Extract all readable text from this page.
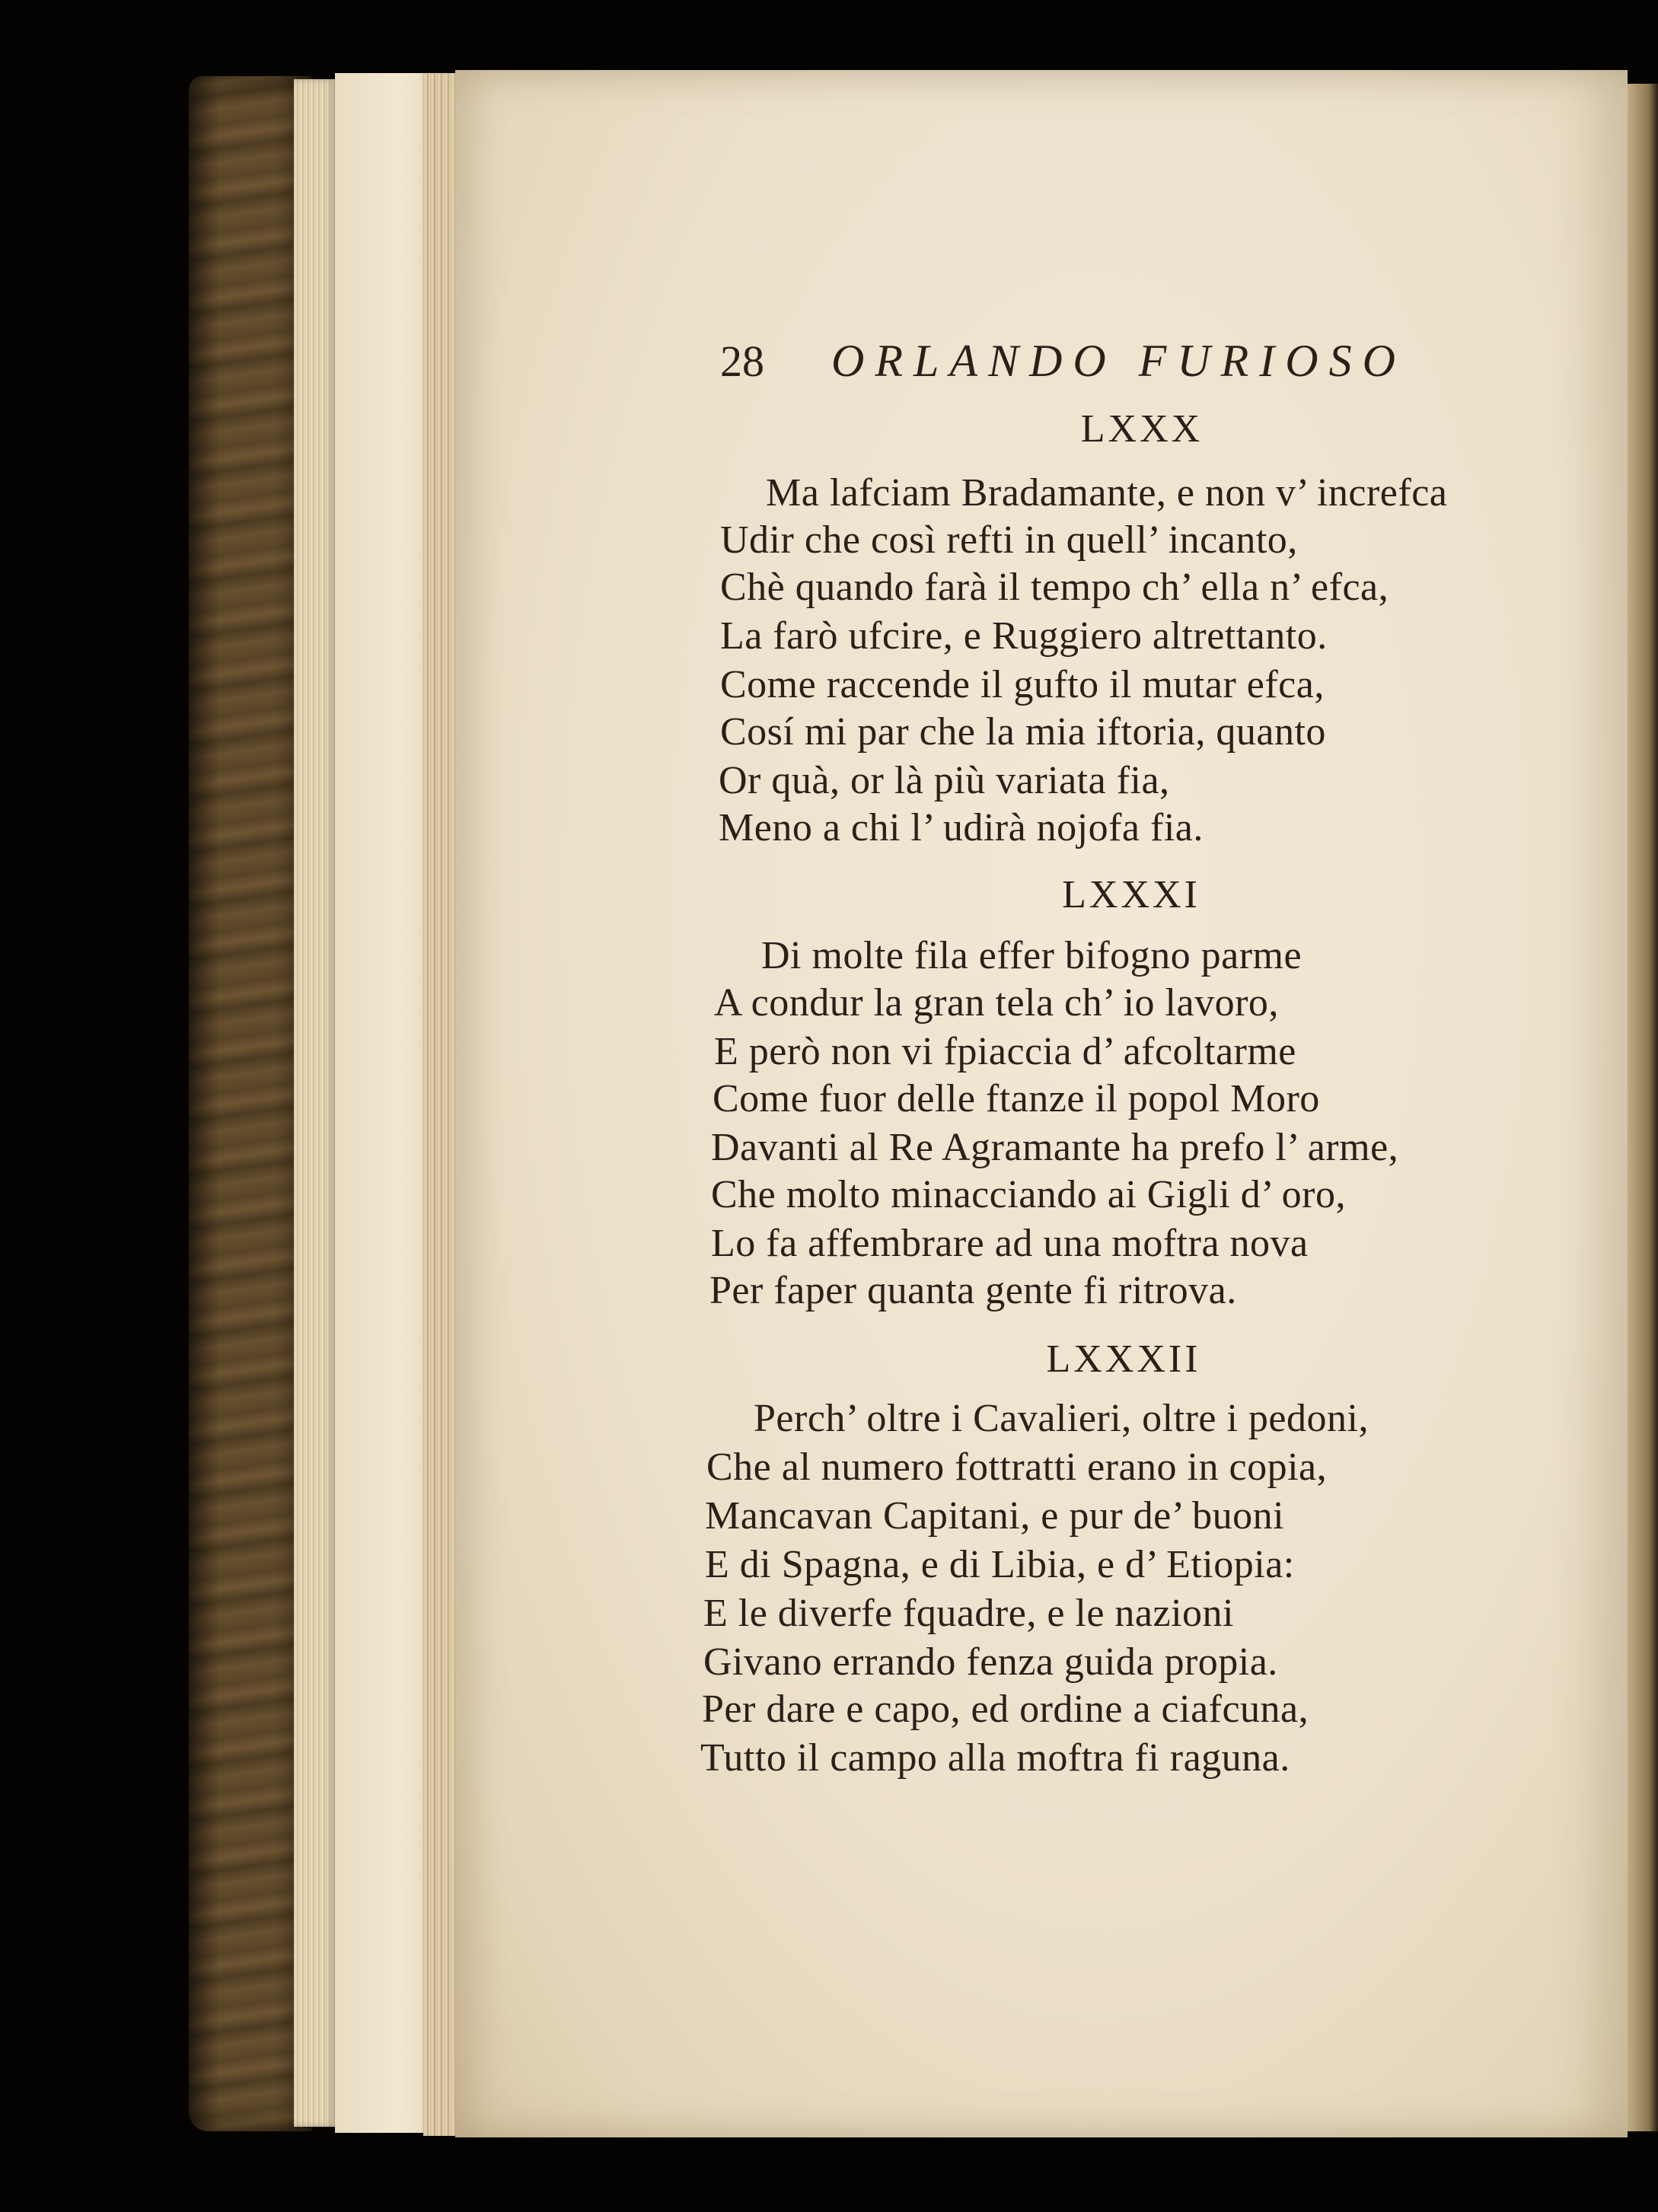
28 ORLANDO FURIOSO
LXXX
Ma lafciam Bradamante, e non v’ increfca
Udir che così refti in quell’ incanto,
Chè quando farà il tempo ch’ ella n’ efca,
La farò ufcire, e Ruggiero altrettanto.
Come raccende il gufto il mutar efca,
Cosí mi par che la mia iftoria, quanto
Or quà, or là più variata fia,
Meno a chi l’ udirà nojofa fia.
LXXXI
Di molte fila effer bifogno parme
A condur la gran tela ch’ io lavoro,
E però non vi fpiaccia d’ afcoltarme
Come fuor delle ftanze il popol Moro
Davanti al Re Agramante ha prefo l’ arme,
Che molto minacciando ai Gigli d’ oro,
Lo fa affembrare ad una moftra nova
Per faper quanta gente fi ritrova.
LXXXII
Perch’ oltre i Cavalieri, oltre i pedoni,
Che al numero fottratti erano in copia,
Mancavan Capitani, e pur de’ buoni
E di Spagna, e di Libia, e d’ Etiopia:
E le diverfe fquadre, e le nazioni
Givano errando fenza guida propia.
Per dare e capo, ed ordine a ciafcuna,
Tutto il campo alla moftra fi raguna.
